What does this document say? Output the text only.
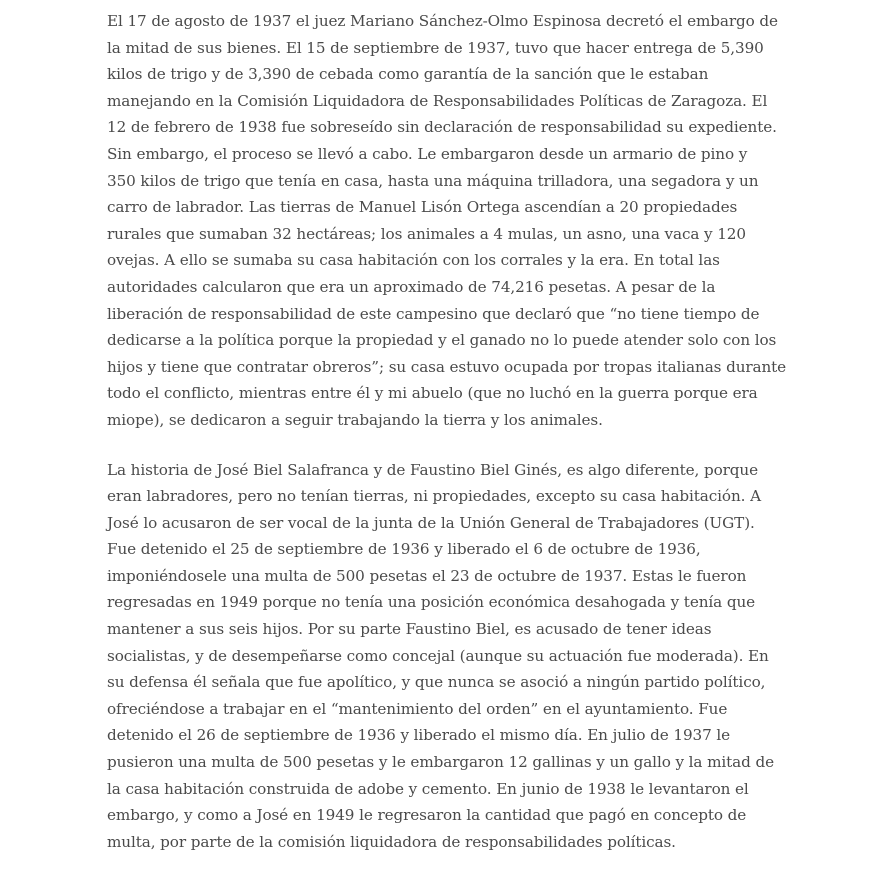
El 17 de agosto de 1937 el juez Mariano Sánchez-Olmo Espinosa decretó el embargo de
la mitad de sus bienes. El 15 de septiembre de 1937, tuvo que hacer entrega de 5,390
kilos de trigo y de 3,390 de cebada como garantía de la sanción que le estaban
manejando en la Comisión Liquidadora de Responsabilidades Políticas de Zaragoza. El
12 de febrero de 1938 fue sobreseído sin declaración de responsabilidad su expediente.
Sin embargo, el proceso se llevó a cabo. Le embargaron desde un armario de pino y
350 kilos de trigo que tenía en casa, hasta una máquina trilladora, una segadora y un
carro de labrador. Las tierras de Manuel Lisón Ortega ascendían a 20 propiedades
rurales que sumaban 32 hectáreas; los animales a 4 mulas, un asno, una vaca y 120
ovejas. A ello se sumaba su casa habitación con los corrales y la era. En total las
autoridades calcularon que era un aproximado de 74,216 pesetas. A pesar de la
liberación de responsabilidad de este campesino que declaró que “no tiene tiempo de
dedicarse a la política porque la propiedad y el ganado no lo puede atender solo con los
hijos y tiene que contratar obreros”; su casa estuvo ocupada por tropas italianas durante
todo el conflicto, mientras entre él y mi abuelo (que no luchó en la guerra porque era
miope), se dedicaron a seguir trabajando la tierra y los animales.

La historia de José Biel Salafranca y de Faustino Biel Ginés, es algo diferente, porque
eran labradores, pero no tenían tierras, ni propiedades, excepto su casa habitación. A
José lo acusaron de ser vocal de la junta de la Unión General de Trabajadores (UGT).
Fue detenido el 25 de septiembre de 1936 y liberado el 6 de octubre de 1936,
imponiéndosele una multa de 500 pesetas el 23 de octubre de 1937. Estas le fueron
regresadas en 1949 porque no tenía una posición económica desahogada y tenía que
mantener a sus seis hijos. Por su parte Faustino Biel, es acusado de tener ideas
socialistas, y de desempeñarse como concejal (aunque su actuación fue moderada). En
su defensa él señala que fue apolítico, y que nunca se asoció a ningún partido político,
ofreciéndose a trabajar en el “mantenimiento del orden” en el ayuntamiento. Fue
detenido el 26 de septiembre de 1936 y liberado el mismo día. En julio de 1937 le
pusieron una multa de 500 pesetas y le embargaron 12 gallinas y un gallo y la mitad de
la casa habitación construida de adobe y cemento. En junio de 1938 le levantaron el
embargo, y como a José en 1949 le regresaron la cantidad que pagó en concepto de
multa, por parte de la comisión liquidadora de responsabilidades políticas.
